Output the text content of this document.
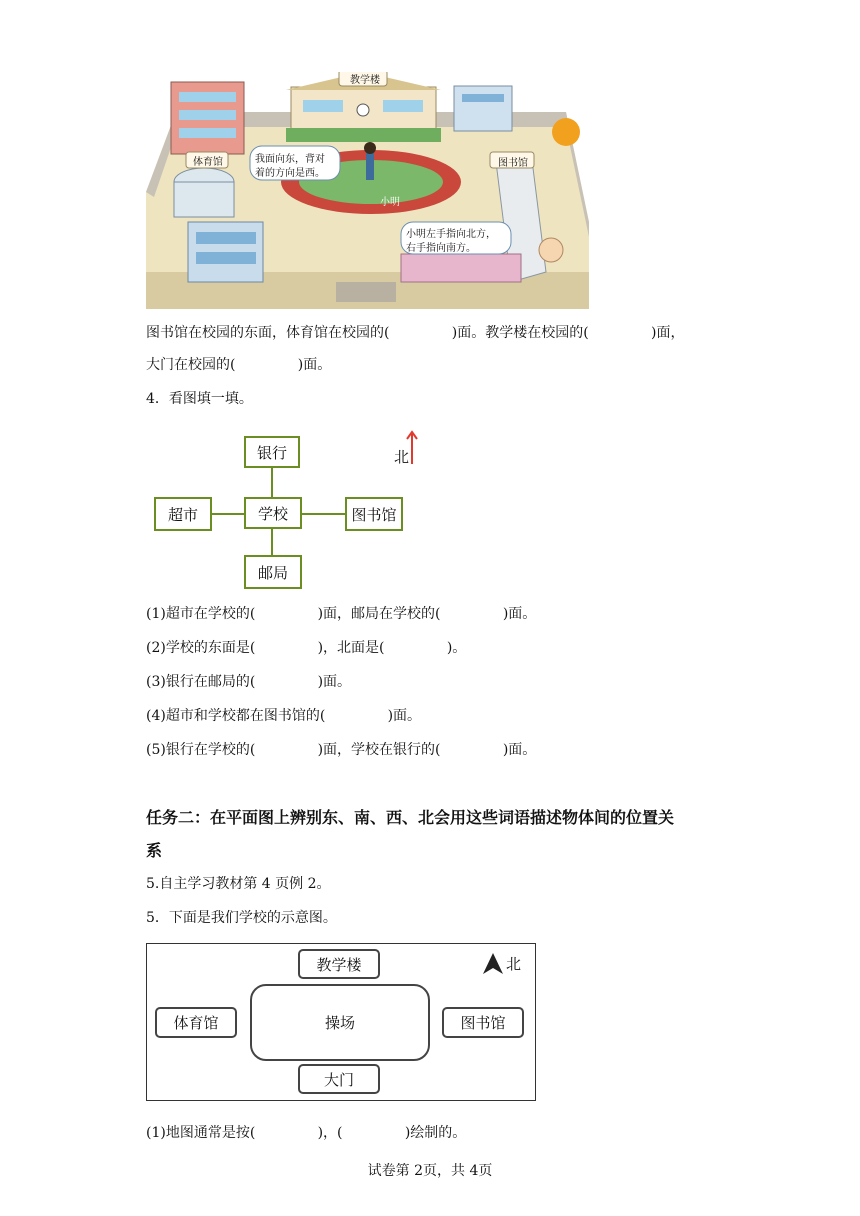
教学楼
体育馆	图书馆
小明
我面向东，背对
着的方向是西。
小明左手指向北方，
右手指向南方。
图书馆在校园的东面，体育馆在校园的(              )面。教学楼在校园的(              )面，
大门在校园的(              )面。
4．看图填一填。
银行
学校
超市	图书馆
邮局
北
(1)超市在学校的(              )面，邮局在学校的(              )面。
(2)学校的东面是(              )，北面是(              )。
(3)银行在邮局的(              )面。
(4)超市和学校都在图书馆的(              )面。
(5)银行在学校的(              )面，学校在银行的(              )面。
任务二：在平面图上辨别东、南、西、北会用这些词语描述物体间的位置关
系
5.自主学习教材第 4 页例 2。
5．下面是我们学校的示意图。
教学楼
操场
体育馆	图书馆
大门
北
(1)地图通常是按(              )，(              )绘制的。
试卷第 2页，共 4页
